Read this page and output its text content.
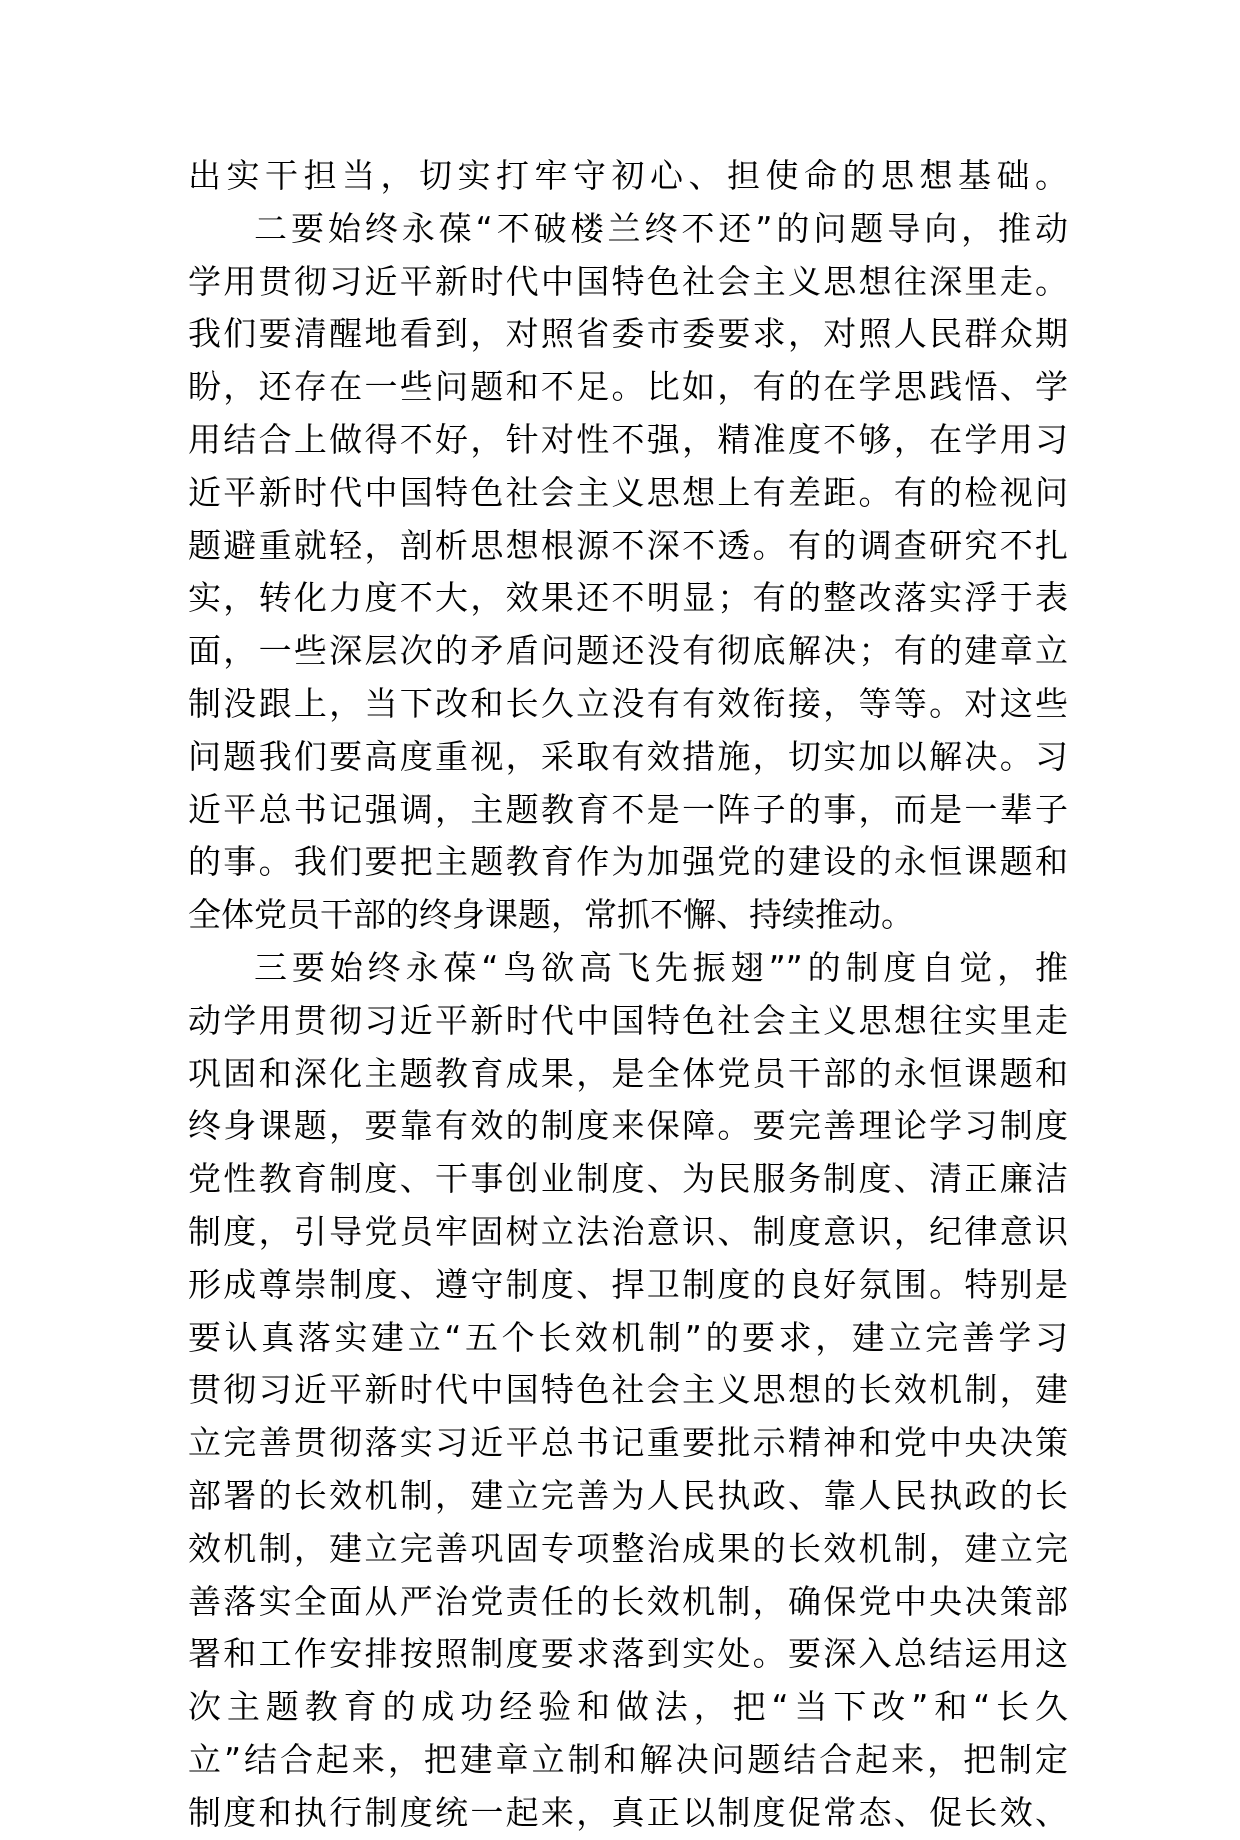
出实干担当，切实打牢守初心、担使命的思想基础。
二要始终永葆“不破楼兰终不还”的问题导向，推动
学用贯彻习近平新时代中国特色社会主义思想往深里走。
我们要清醒地看到，对照省委市委要求，对照人民群众期
盼，还存在一些问题和不足。比如，有的在学思践悟、学
用结合上做得不好，针对性不强，精准度不够，在学用习
近平新时代中国特色社会主义思想上有差距。有的检视问
题避重就轻，剖析思想根源不深不透。有的调查研究不扎
实，转化力度不大，效果还不明显；有的整改落实浮于表
面，一些深层次的矛盾问题还没有彻底解决；有的建章立
制没跟上，当下改和长久立没有有效衔接，等等。对这些
问题我们要高度重视，采取有效措施，切实加以解决。习
近平总书记强调，主题教育不是一阵子的事，而是一辈子
的事。我们要把主题教育作为加强党的建设的永恒课题和
全体党员干部的终身课题，常抓不懈、持续推动。
三要始终永葆“鸟欲高飞先振翅””的制度自觉，推
动学用贯彻习近平新时代中国特色社会主义思想往实里走
巩固和深化主题教育成果，是全体党员干部的永恒课题和
终身课题，要靠有效的制度来保障。要完善理论学习制度
党性教育制度、干事创业制度、为民服务制度、清正廉洁
制度，引导党员牢固树立法治意识、制度意识，纪律意识
形成尊崇制度、遵守制度、捍卫制度的良好氛围。特别是
要认真落实建立“五个长效机制”的要求，建立完善学习
贯彻习近平新时代中国特色社会主义思想的长效机制，建
立完善贯彻落实习近平总书记重要批示精神和党中央决策
部署的长效机制，建立完善为人民执政、靠人民执政的长
效机制，建立完善巩固专项整治成果的长效机制，建立完
善落实全面从严治党责任的长效机制，确保党中央决策部
署和工作安排按照制度要求落到实处。要深入总结运用这
次主题教育的成功经验和做法，把“当下改”和“长久
立”结合起来，把建章立制和解决问题结合起来，把制定
制度和执行制度统一起来，真正以制度促常态、促长效、
